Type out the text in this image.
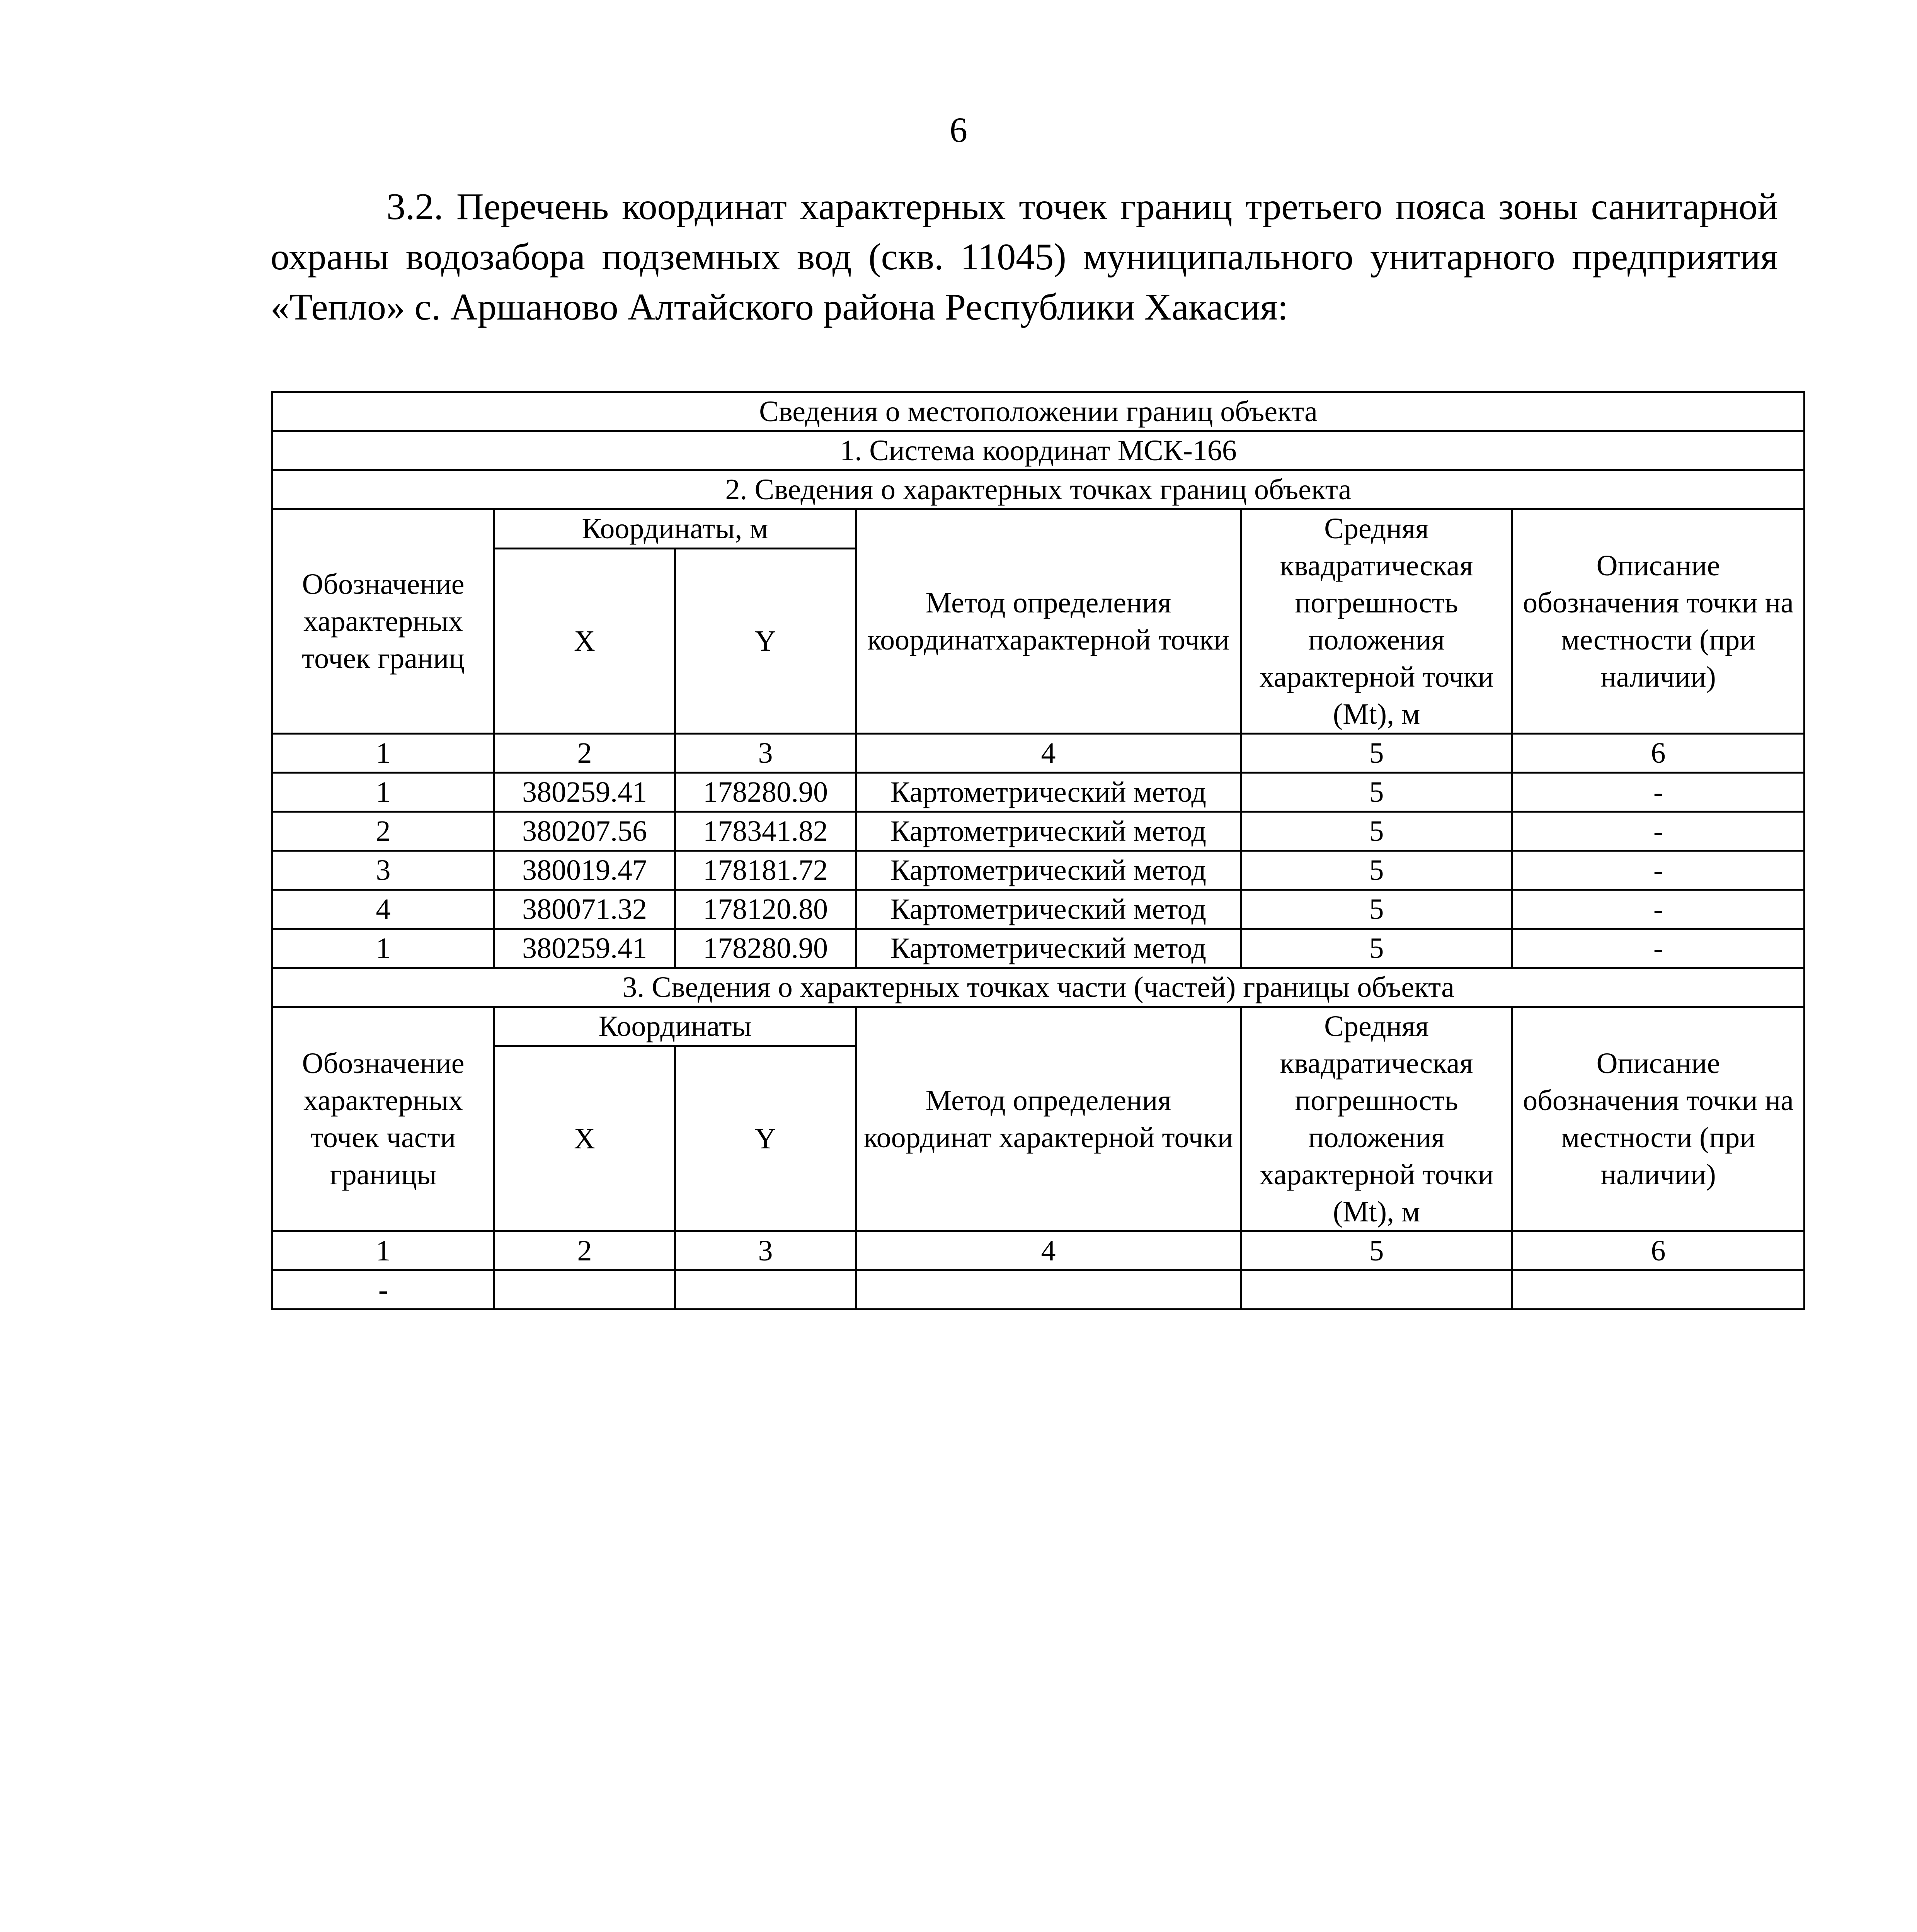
6

3.2. Перечень координат характерных точек границ третьего пояса зоны санитарной охраны водозабора подземных вод (скв. 11045) муниципального унитарного предприятия «Тепло» с. Аршаново Алтайского района Республики Хакасия:

Сведения о местоположении границ объекта					
1. Система координат МСК-166					
2. Сведения о характерных точках границ объекта					
Обозначение характерных точек границ	Координаты, м		Метод определения координатхарактерной точки	Средняя квадратическая погрешность положения характерной точки (Mt), м	Описание обозначения точки на местности (при наличии)
	X	Y			
1	2	3	4	5	6
1	380259.41	178280.90	Картометрический метод	5	-
2	380207.56	178341.82	Картометрический метод	5	-
3	380019.47	178181.72	Картометрический метод	5	-
4	380071.32	178120.80	Картометрический метод	5	-
1	380259.41	178280.90	Картометрический метод	5	-
3. Сведения о характерных точках части (частей) границы объекта					
Обозначение характерных точек части границы	Координаты		Метод определения координат характерной точки	Средняя квадратическая погрешность положения характерной точки (Mt), м	Описание обозначения точки на местности (при наличии)
	X	Y			
1	2	3	4	5	6
-					
